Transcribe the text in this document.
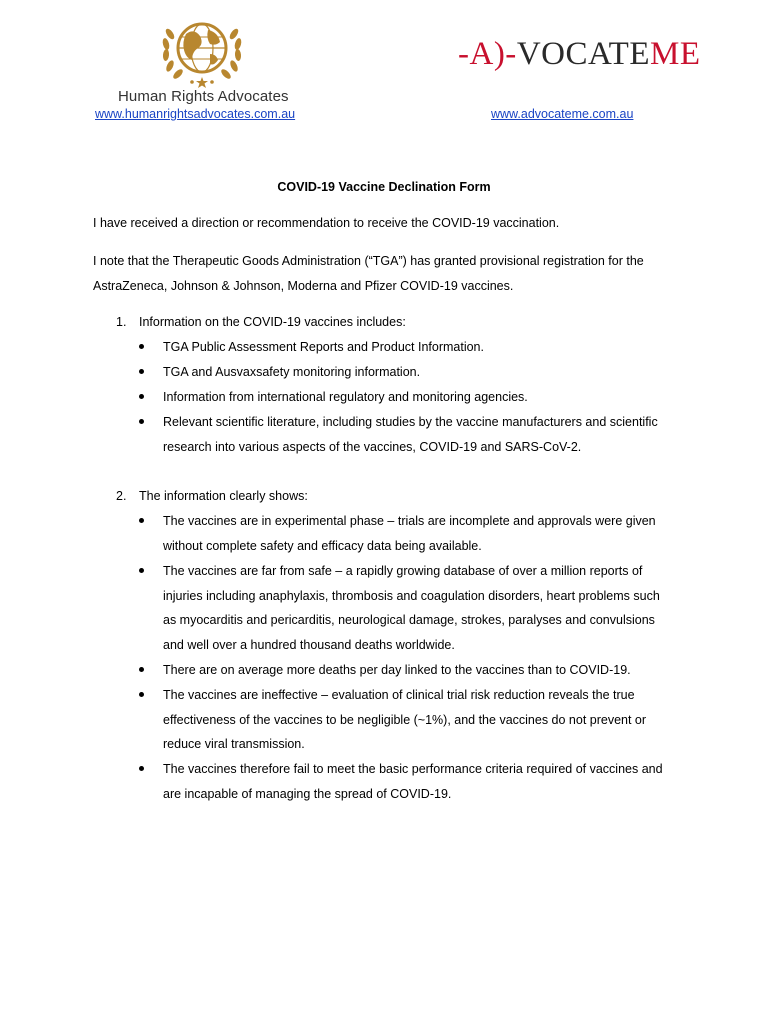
Human Rights Advocates
-A)-VOCATEME
www.humanrightsadvocates.com.au	www.advocateme.com.au
COVID-19 Vaccine Declination Form
I have received a direction or recommendation to receive the COVID-19 vaccination.
I note that the Therapeutic Goods Administration (“TGA”) has granted provisional registration for the AstraZeneca, Johnson & Johnson, Moderna and Pfizer COVID-19 vaccines.
1.	Information on the COVID-19 vaccines includes:
TGA Public Assessment Reports and Product Information.
TGA and Ausvaxsafety monitoring information.
Information from international regulatory and monitoring agencies.
Relevant scientific literature, including studies by the vaccine manufacturers and scientific research into various aspects of the vaccines, COVID-19 and SARS-CoV-2.
2.	The information clearly shows:
The vaccines are in experimental phase – trials are incomplete and approvals were given without complete safety and efficacy data being available.
The vaccines are far from safe – a rapidly growing database of over a million reports of injuries including anaphylaxis, thrombosis and coagulation disorders, heart problems such as myocarditis and pericarditis, neurological damage, strokes, paralyses and convulsions and well over a hundred thousand deaths worldwide.
There are on average more deaths per day linked to the vaccines than to COVID-19.
The vaccines are ineffective – evaluation of clinical trial risk reduction reveals the true effectiveness of the vaccines to be negligible (~1%), and the vaccines do not prevent or reduce viral transmission.
The vaccines therefore fail to meet the basic performance criteria required of vaccines and are incapable of managing the spread of COVID-19.
